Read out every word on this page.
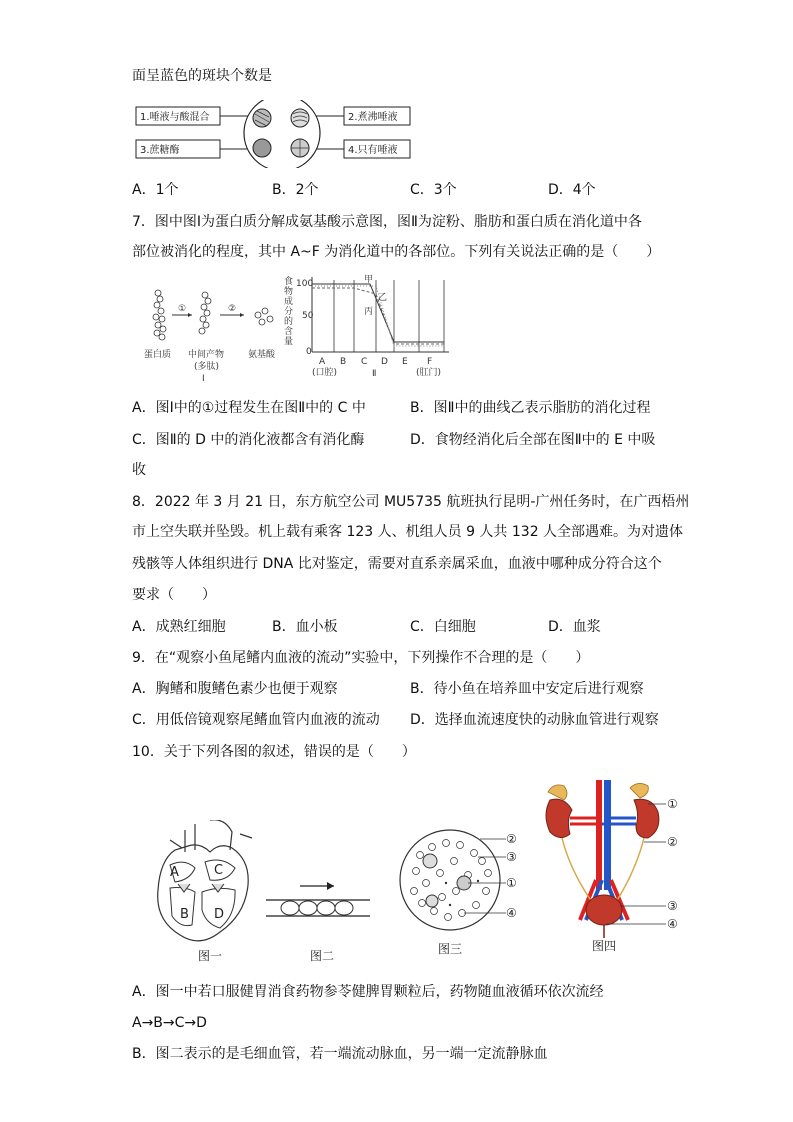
面呈蓝色的斑块个数是
1.唾液与酸混合
3.蔗糖酶
2.煮沸唾液
4.只有唾液
A．1个	B．2个	C．3个	D．4个
7．图中图Ⅰ为蛋白质分解成氨基酸示意图，图Ⅱ为淀粉、脂肪和蛋白质在消化道中各
部位被消化的程度，其中 A~F 为消化道中的各部位。下列有关说法正确的是（　　）
①	②
蛋白质 中间产物
(多肽)
氨基酸
Ⅰ
食
物
成
分
的
含
量
100
50
0
甲
乙
丙
A B C D E F
(口腔)	(肛门)
Ⅱ
A．图Ⅰ中的①过程发生在图Ⅱ中的 C 中	B．图Ⅱ中的曲线乙表示脂肪的消化过程
C．图Ⅱ的 D 中的消化液都含有消化酶	D．食物经消化后全部在图Ⅱ中的 E 中吸
收
8．2022 年 3 月 21 日，东方航空公司 MU5735 航班执行昆明-广州任务时，在广西梧州
市上空失联并坠毁。机上载有乘客 123 人、机组人员 9 人共 132 人全部遇难。为对遗体
残骸等人体组织进行 DNA 比对鉴定，需要对直系亲属采血，血液中哪种成分符合这个
要求（　　）
A．成熟红细胞	B．血小板	C．白细胞	D．血浆
9．在“观察小鱼尾鳍内血液的流动”实验中，下列操作不合理的是（　　）
A．胸鳍和腹鳍色素少也便于观察	B．待小鱼在培养皿中安定后进行观察
C．用低倍镜观察尾鳍血管内血液的流动 D．选择血流速度快的动脉血管进行观察
10．关于下列各图的叙述，错误的是（　　）
A	C
B D
图一	图二
②
③
①
④
图三
①
②
③
④
图四
A．图一中若口服健胃消食药物参苓健脾胃颗粒后，药物随血液循环依次流经
A→B→C→D
B．图二表示的是毛细血管，若一端流动脉血，另一端一定流静脉血
